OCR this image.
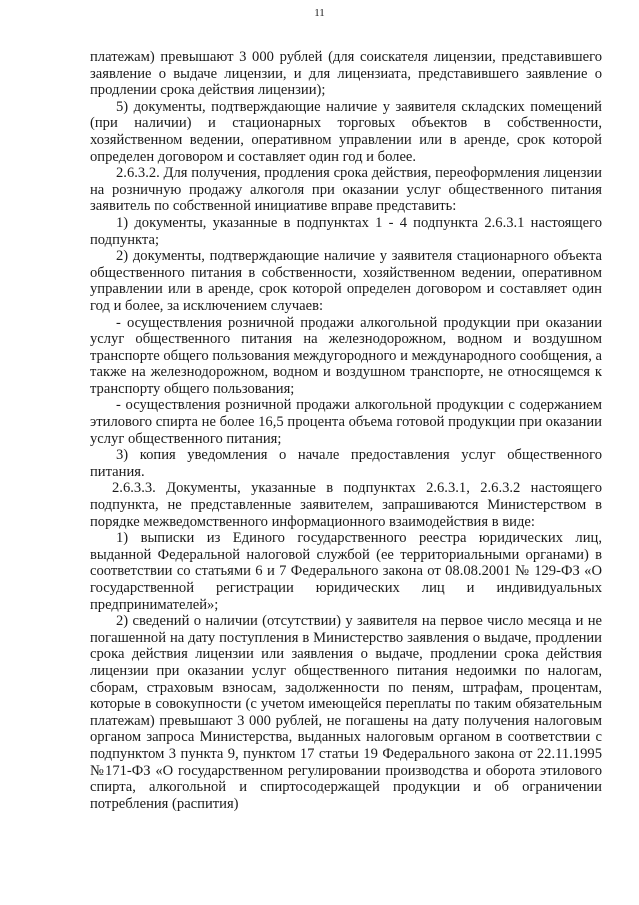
11

платежам) превышают 3 000 рублей (для соискателя лицензии, представившего заявление о выдаче лицензии, и для лицензиата, представившего заявление о продлении срока действия лицензии);

5) документы, подтверждающие наличие у заявителя складских помещений (при наличии) и стационарных торговых объектов в собственности, хозяйственном ведении, оперативном управлении или в аренде, срок которой определен договором и составляет один год и более.

2.6.3.2. Для получения, продления срока действия, переоформления лицензии на розничную продажу алкоголя при оказании услуг общественного питания заявитель по собственной инициативе вправе представить:

1) документы, указанные в подпунктах 1 - 4 подпункта 2.6.3.1 настоящего подпункта;

2) документы, подтверждающие наличие у заявителя стационарного объекта общественного питания в собственности, хозяйственном ведении, оперативном управлении или в аренде, срок которой определен договором и составляет один год и более, за исключением случаев:

- осуществления розничной продажи алкогольной продукции при оказании услуг общественного питания на железнодорожном, водном и воздушном транспорте общего пользования междугородного и международного сообщения, а также на железнодорожном, водном и воздушном транспорте, не относящемся к транспорту общего пользования;

- осуществления розничной продажи алкогольной продукции с содержанием этилового спирта не более 16,5 процента объема готовой продукции при оказании услуг общественного питания;

3) копия уведомления о начале предоставления услуг общественного питания.

2.6.3.3. Документы, указанные в подпунктах 2.6.3.1, 2.6.3.2 настоящего подпункта, не представленные заявителем, запрашиваются Министерством в порядке межведомственного информационного взаимодействия в виде:

1) выписки из Единого государственного реестра юридических лиц, выданной Федеральной налоговой службой (ее территориальными органами) в соответствии со статьями 6 и 7 Федерального закона от 08.08.2001 № 129-ФЗ «О государственной регистрации юридических лиц и индивидуальных предпринимателей»;

2) сведений о наличии (отсутствии) у заявителя на первое число месяца и не погашенной на дату поступления в Министерство заявления о выдаче, продлении срока действия лицензии или заявления о выдаче, продлении срока действия лицензии при оказании услуг общественного питания недоимки по налогам, сборам, страховым взносам, задолженности по пеням, штрафам, процентам, которые в совокупности (с учетом имеющейся переплаты по таким обязательным платежам) превышают 3 000 рублей, не погашены на дату получения налоговым органом запроса Министерства, выданных налоговым органом в соответствии с подпунктом 3 пункта 9, пунктом 17 статьи 19 Федерального закона от 22.11.1995 №171-ФЗ «О государственном регулировании производства и оборота этилового спирта, алкогольной и спиртосодержащей продукции и об ограничении потребления (распития)
